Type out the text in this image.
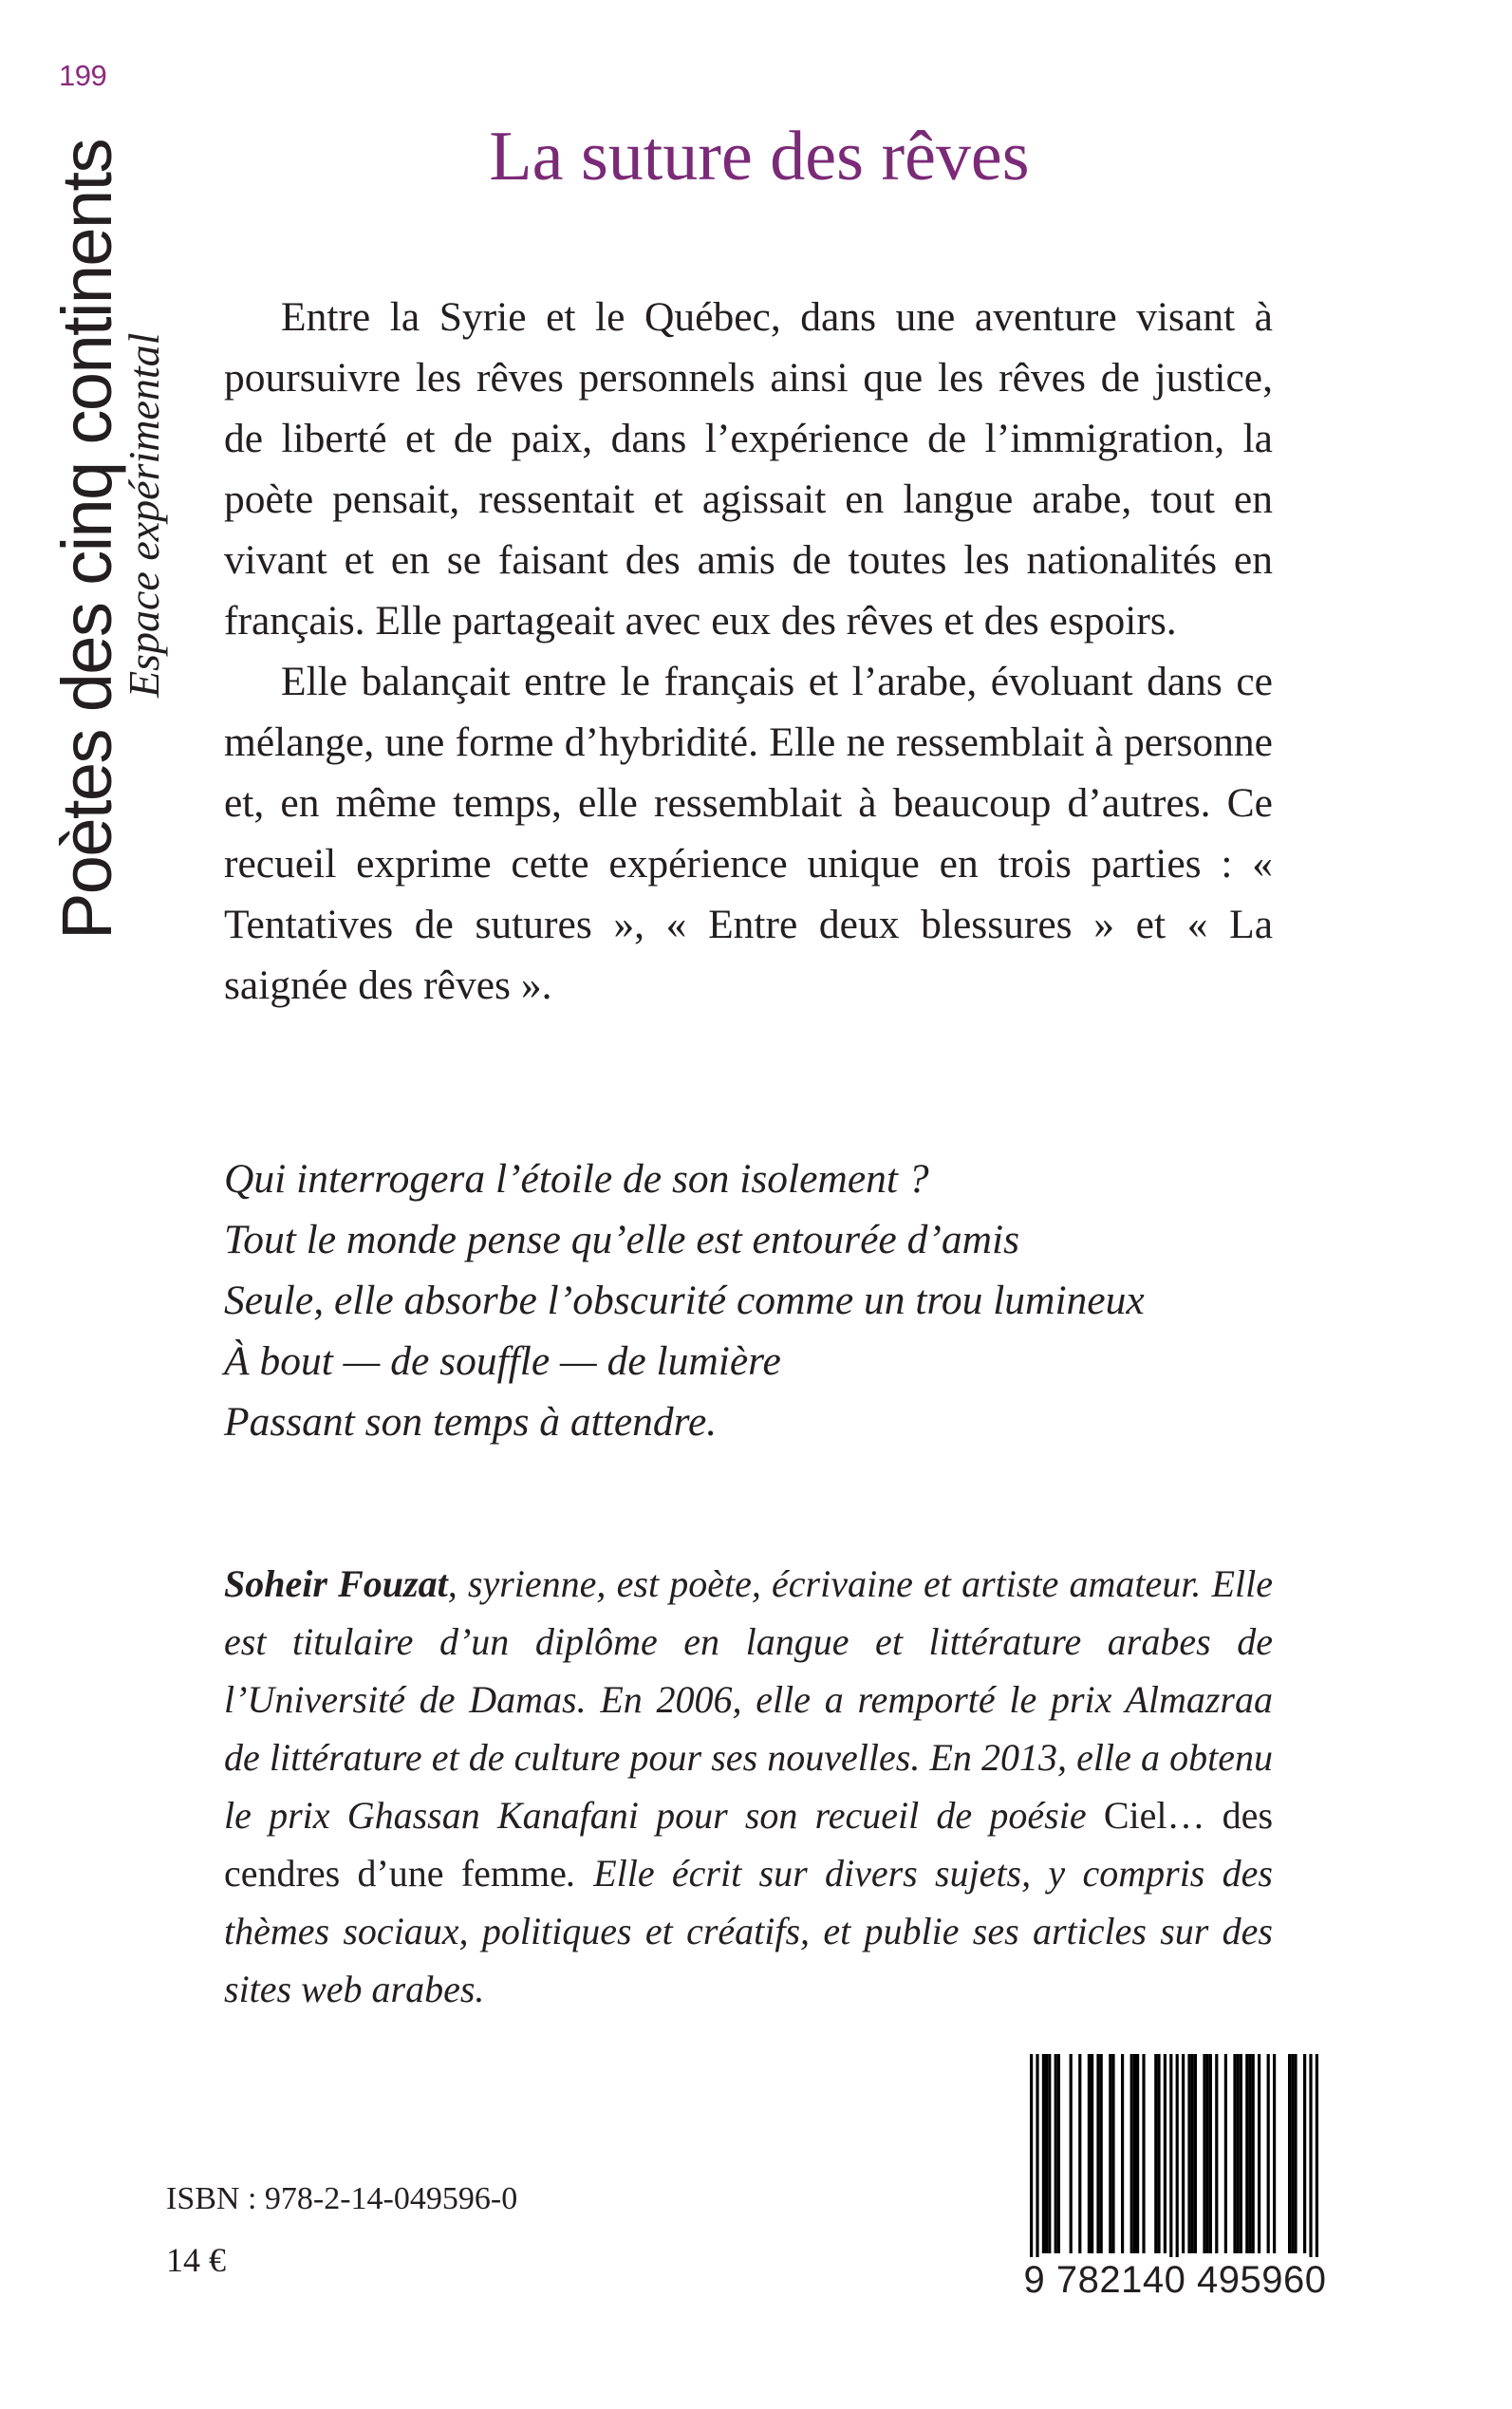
199
Poètes des cinq continents
Espace expérimental
La suture des rêves

Entre la Syrie et le Québec, dans une aventure visant à poursuivre les rêves personnels ainsi que les rêves de justice, de liberté et de paix, dans l’expérience de l’immigration, la poète pensait, ressentait et agissait en langue arabe, tout en vivant et en se faisant des amis de toutes les nationalités en français. Elle partageait avec eux des rêves et des espoirs.

Elle balançait entre le français et l’arabe, évoluant dans ce mélange, une forme d’hybridité. Elle ne ressemblait à personne et, en même temps, elle ressemblait à beaucoup d’autres. Ce recueil exprime cette expérience unique en trois parties : « Tentatives de sutures », « Entre deux blessures » et « La saignée des rêves ».

Qui interrogera l’étoile de son isolement ?
Tout le monde pense qu’elle est entourée d’amis
Seule, elle absorbe l’obscurité comme un trou lumineux
À bout — de souffle — de lumière
Passant son temps à attendre.
Soheir Fouzat, syrienne, est poète, écrivaine et artiste amateur. Elle est titulaire d’un diplôme en langue et littérature arabes de l’Université de Damas. En 2006, elle a remporté le prix Almazraa de littérature et de culture pour ses nouvelles. En 2013, elle a obtenu le prix Ghassan Kanafani pour son recueil de poésie Ciel… des cendres d’une femme. Elle écrit sur divers sujets, y compris des thèmes sociaux, politiques et créatifs, et publie ses articles sur des sites web arabes.
ISBN : 978-2-14-049596-0
14 €	9 782140 495960
